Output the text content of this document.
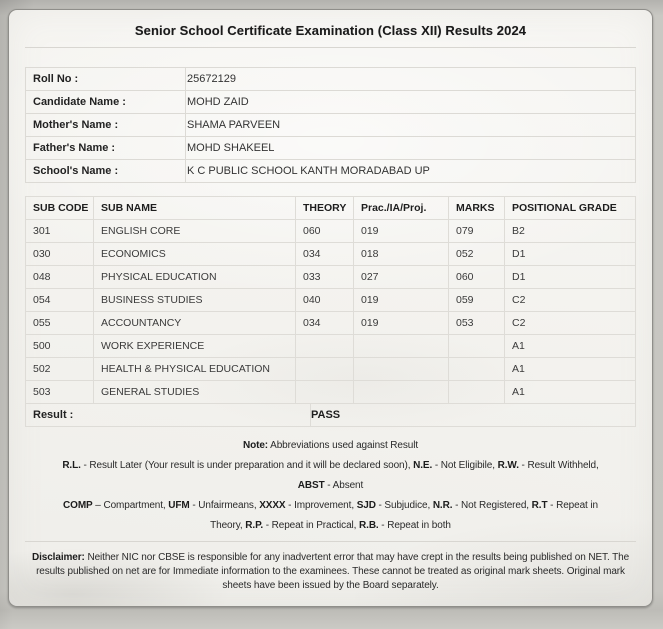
Senior School Certificate Examination (Class XII) Results 2024
Roll No :	25672129
Candidate Name :	MOHD ZAID
Mother's Name :	SHAMA PARVEEN
Father's Name :	MOHD SHAKEEL
School's Name :	K C PUBLIC SCHOOL KANTH MORADABAD UP
SUB CODE	SUB NAME	THEORY	Prac./IA/Proj.	MARKS	POSITIONAL GRADE
301	ENGLISH CORE	060	019	079	B2
030	ECONOMICS	034	018	052	D1
048	PHYSICAL EDUCATION	033	027	060	D1
054	BUSINESS STUDIES	040	019	059	C2
055	ACCOUNTANCY	034	019	053	C2
500	WORK EXPERIENCE				A1
502	HEALTH & PHYSICAL EDUCATION				A1
503	GENERAL STUDIES				A1
Result :	PASS
Note: Abbreviations used against Result
R.L. - Result Later (Your result is under preparation and it will be declared soon), N.E. - Not Eligibile, R.W. - Result Withheld,
ABST - Absent
COMP – Compartment, UFM - Unfairmeans, XXXX - Improvement, SJD - Subjudice, N.R. - Not Registered, R.T - Repeat in
Theory, R.P. - Repeat in Practical, R.B. - Repeat in both

Disclaimer: Neither NIC nor CBSE is responsible for any inadvertent error that may have crept in the results being published on NET. The results published on net are for Immediate information to the examinees. These cannot be treated as original mark sheets. Original mark sheets have been issued by the Board separately.
